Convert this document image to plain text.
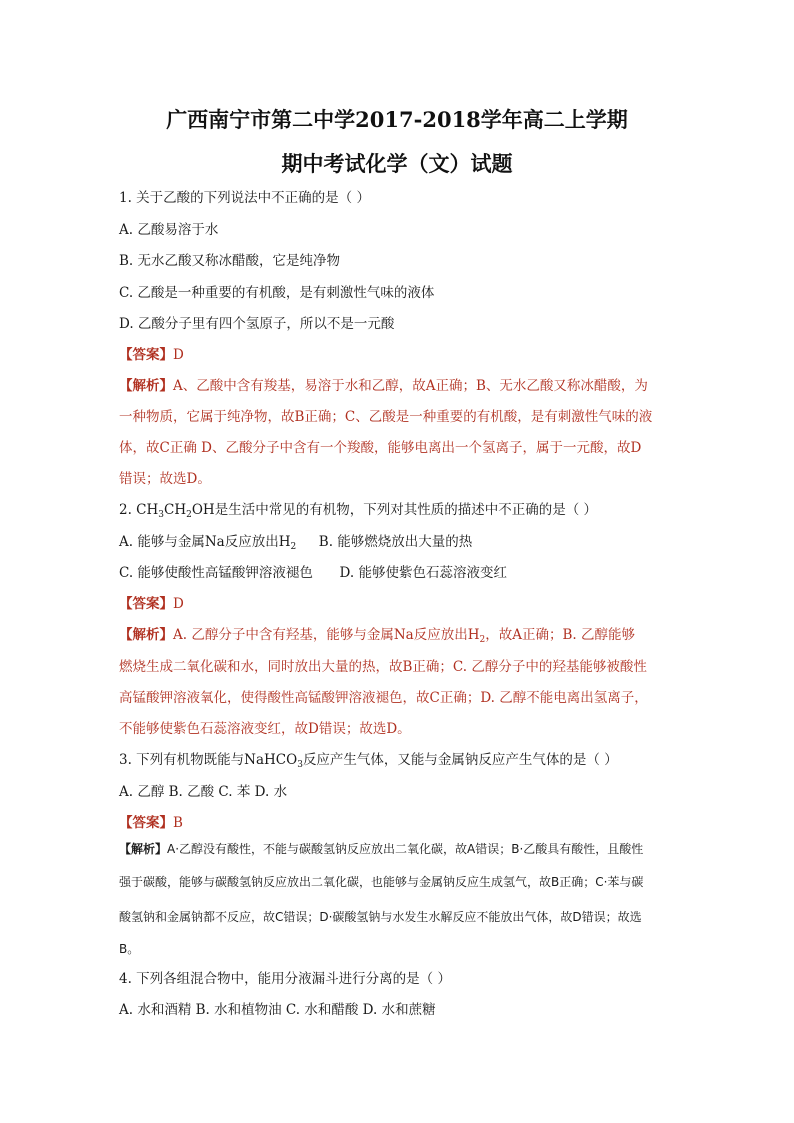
广西南宁市第二中学2017-2018学年高二上学期
期中考试化学（文）试题
1. 关于乙酸的下列说法中不正确的是（ ）
A. 乙酸易溶于水
B. 无水乙酸又称冰醋酸，它是纯净物
C. 乙酸是一种重要的有机酸，是有刺激性气味的液体
D. 乙酸分子里有四个氢原子，所以不是一元酸
【答案】D
【解析】A、乙酸中含有羧基，易溶于水和乙醇，故A正确；B、无水乙酸又称冰醋酸，为
一种物质，它属于纯净物，故B正确；C、乙酸是一种重要的有机酸，是有刺激性气味的液
体，故C正确 D、乙酸分子中含有一个羧酸，能够电离出一个氢离子，属于一元酸，故D
错误；故选D。
2. $CH_3CH_2OH$是生活中常见的有机物，下列对其性质的描述中不正确的是（ ）
A. 能够与金属Na反应放出$H_2$ B. 能够燃烧放出大量的热
C. 能够使酸性高锰酸钾溶液褪色 D. 能够使紫色石蕊溶液变红
【答案】D
【解析】A. 乙醇分子中含有羟基，能够与金属Na反应放出$H_2$，故A正确；B. 乙醇能够
燃烧生成二氧化碳和水，同时放出大量的热，故B正确；C. 乙醇分子中的羟基能够被酸性
高锰酸钾溶液氧化，使得酸性高锰酸钾溶液褪色，故C正确；D. 乙醇不能电离出氢离子，
不能够使紫色石蕊溶液变红，故D错误；故选D。
3. 下列有机物既能与NaHCO$_3$反应产生气体，又能与金属钠反应产生气体的是（ ）
A. 乙醇 B. 乙酸 C. 苯 D. 水
【答案】B
【解析】A·乙醇没有酸性，不能与碳酸氢钠反应放出二氧化碳，故A错误；B·乙酸具有酸性，且酸性
强于碳酸，能够与碳酸氢钠反应放出二氧化碳，也能够与金属钠反应生成氢气，故B正确；C·苯与碳
酸氢钠和金属钠都不反应，故C错误；D·碳酸氢钠与水发生水解反应不能放出气体，故D错误；故选
B。
4. 下列各组混合物中，能用分液漏斗进行分离的是（ ）
A. 水和酒精 B. 水和植物油 C. 水和醋酸 D. 水和蔗糖
